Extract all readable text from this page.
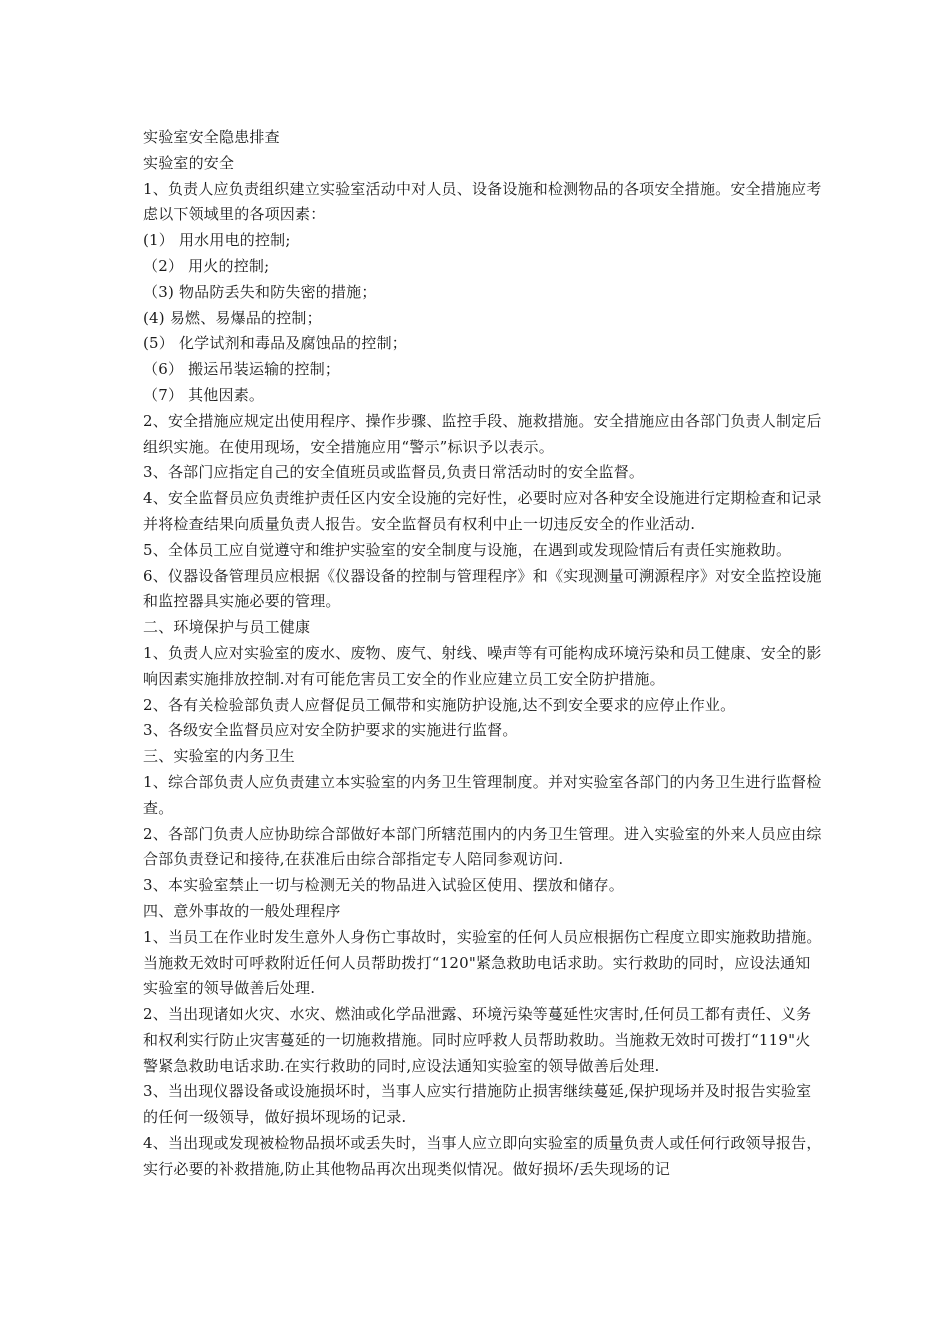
实验室安全隐患排查

实验室的安全

1、负责人应负责组织建立实验室活动中对人员、设备设施和检测物品的各项安全措施。安全措施应考虑以下领域里的各项因素：

(1） 用水用电的控制;

（2） 用火的控制;

（3) 物品防丢失和防失密的措施；

(4) 易燃、易爆品的控制；

(5） 化学试剂和毒品及腐蚀品的控制；

（6） 搬运吊装运输的控制；

（7） 其他因素。

2、安全措施应规定出使用程序、操作步骤、监控手段、施救措施。安全措施应由各部门负责人制定后组织实施。在使用现场，安全措施应用“警示”标识予以表示。

3、各部门应指定自己的安全值班员或监督员,负责日常活动时的安全监督。

4、安全监督员应负责维护责任区内安全设施的完好性，必要时应对各种安全设施进行定期检查和记录并将检查结果向质量负责人报告。安全监督员有权利中止一切违反安全的作业活动.

5、全体员工应自觉遵守和维护实验室的安全制度与设施，在遇到或发现险情后有责任实施救助。

6、仪器设备管理员应根据《仪器设备的控制与管理程序》和《实现测量可溯源程序》对安全监控设施和监控器具实施必要的管理。

二、环境保护与员工健康

1、负责人应对实验室的废水、废物、废气、射线、噪声等有可能构成环境污染和员工健康、安全的影响因素实施排放控制.对有可能危害员工安全的作业应建立员工安全防护措施。

2、各有关检验部负责人应督促员工佩带和实施防护设施,达不到安全要求的应停止作业。

3、各级安全监督员应对安全防护要求的实施进行监督。

三、实验室的内务卫生

1、综合部负责人应负责建立本实验室的内务卫生管理制度。并对实验室各部门的内务卫生进行监督检查。

2、各部门负责人应协助综合部做好本部门所辖范围内的内务卫生管理。进入实验室的外来人员应由综合部负责登记和接待,在获准后由综合部指定专人陪同参观访问.

3、本实验室禁止一切与检测无关的物品进入试验区使用、摆放和储存。

四、意外事故的一般处理程序

1、当员工在作业时发生意外人身伤亡事故时，实验室的任何人员应根据伤亡程度立即实施救助措施。当施救无效时可呼救附近任何人员帮助拨打“120"紧急救助电话求助。实行救助的同时，应设法通知实验室的领导做善后处理.

2、当出现诸如火灾、水灾、燃油或化学品泄露、环境污染等蔓延性灾害时,任何员工都有责任、义务和权利实行防止灾害蔓延的一切施救措施。同时应呼救人员帮助救助。当施救无效时可拨打“119"火警紧急救助电话求助.在实行救助的同时,应设法通知实验室的领导做善后处理.

3、当出现仪器设备或设施损坏时，当事人应实行措施防止损害继续蔓延,保护现场并及时报告实验室的任何一级领导，做好损坏现场的记录.

4、当出现或发现被检物品损坏或丢失时，当事人应立即向实验室的质量负责人或任何行政领导报告，实行必要的补救措施,防止其他物品再次出现类似情况。做好损坏/丢失现场的记
